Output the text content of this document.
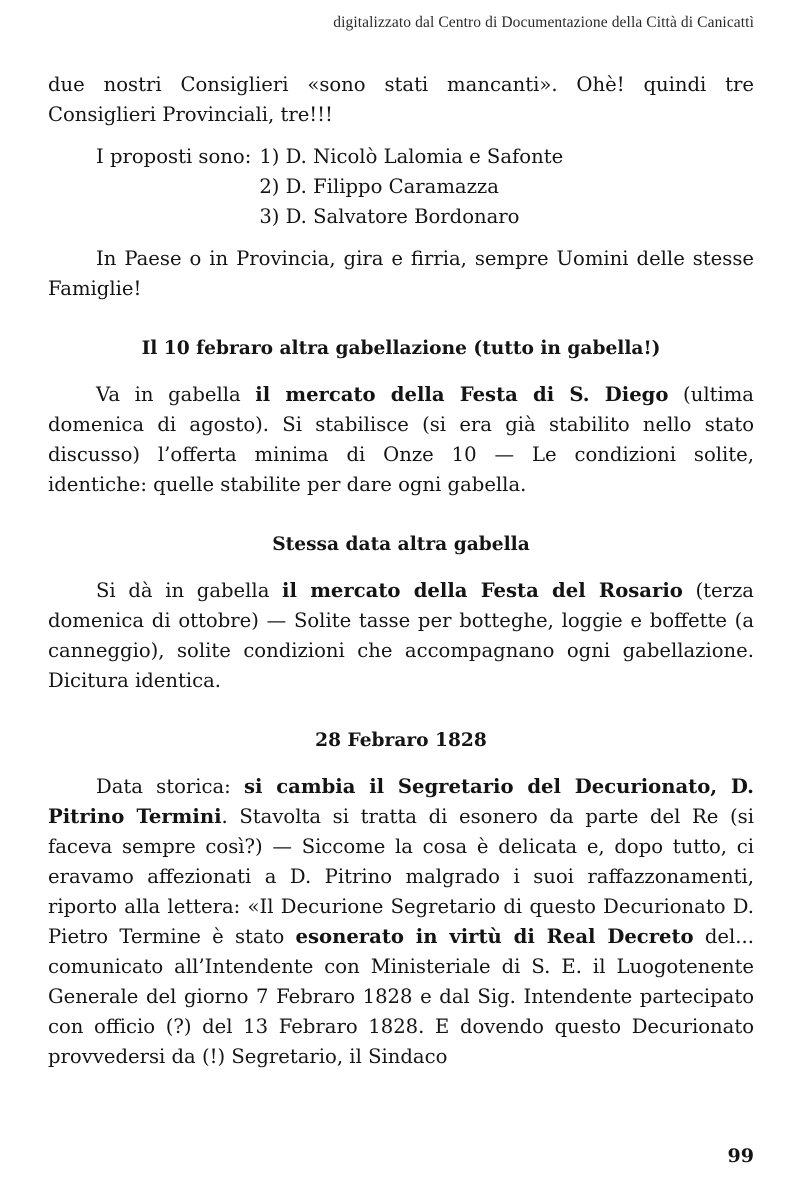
digitalizzato dal Centro di Documentazione della Città di Canicattì

due nostri Consiglieri «sono stati mancanti». Ohè! quindi tre Consiglieri Provinciali, tre!!!

I proposti sono: 1) D. Nicolò Lalomia e Safonte
2) D. Filippo Caramazza
3) D. Salvatore Bordonaro

In Paese o in Provincia, gira e firria, sempre Uomini delle stesse Famiglie!

Il 10 febraro altra gabellazione (tutto in gabella!)

Va in gabella il mercato della Festa di S. Diego (ultima domenica di agosto). Si stabilisce (si era già stabilito nello stato discusso) l’offerta minima di Onze 10 — Le condizioni solite, identiche: quelle stabilite per dare ogni gabella.

Stessa data altra gabella

Si dà in gabella il mercato della Festa del Rosario (terza domenica di ottobre) — Solite tasse per botteghe, loggie e boffette (a canneggio), solite condizioni che accompagnano ogni gabellazione. Dicitura identica.

28 Febraro 1828

Data storica: si cambia il Segretario del Decurionato, D. Pitrino Termini. Stavolta si tratta di esonero da parte del Re (si faceva sempre così?) — Siccome la cosa è delicata e, dopo tutto, ci eravamo affezionati a D. Pitrino malgrado i suoi raffazzonamenti, riporto alla lettera: «Il Decurione Segretario di questo Decurionato D. Pietro Termine è stato esonerato in virtù di Real Decreto del... comunicato all’Intendente con Ministeriale di S. E. il Luogotenente Generale del giorno 7 Febraro 1828 e dal Sig. Intendente partecipato con officio (?) del 13 Febraro 1828. E dovendo questo Decurionato provvedersi da (!) Segretario, il Sindaco

99
